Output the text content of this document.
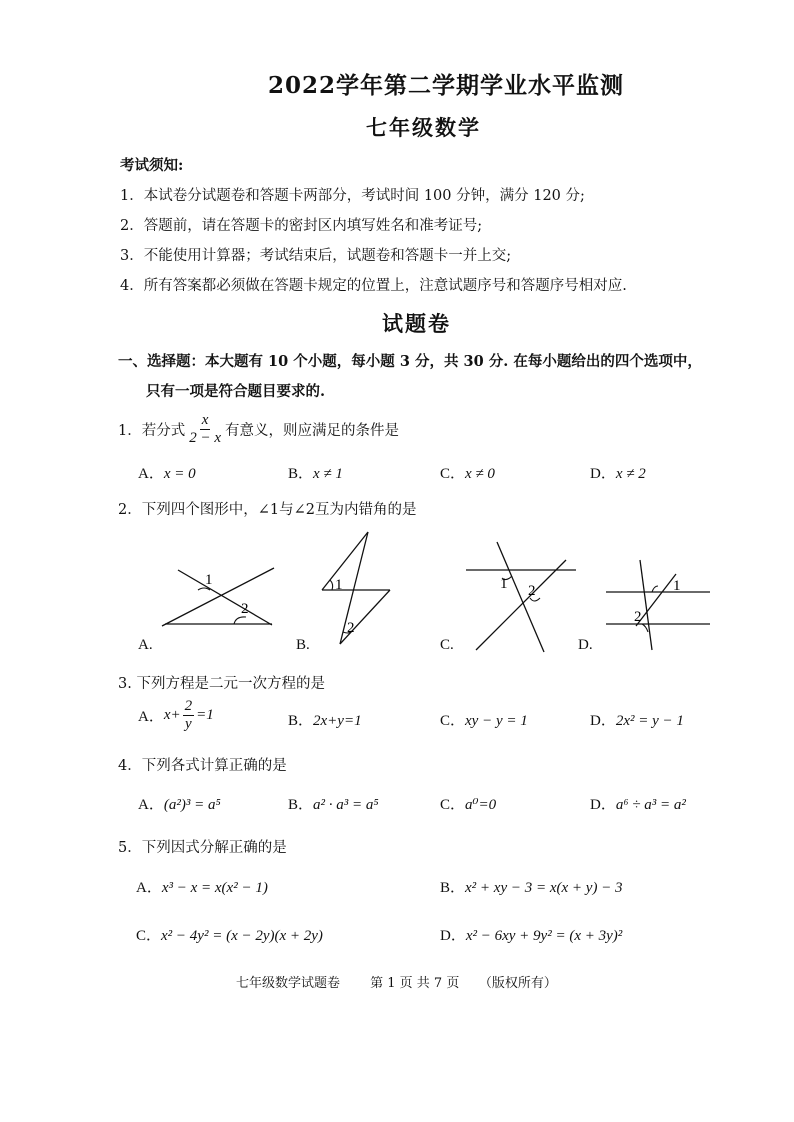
2022学年第二学期学业水平监测
七年级数学
考试须知:
1．本试卷分试题卷和答题卡两部分，考试时间 100 分钟，满分 120 分;
2．答题前，请在答题卡的密封区内填写姓名和准考证号;
3．不能使用计算器；考试结束后，试题卷和答题卡一并上交;
4．所有答案都必须做在答题卡规定的位置上，注意试题序号和答题序号相对应.
试题卷
一、选择题：本大题有 10 个小题，每小题 3 分，共 30 分. 在每小题给出的四个选项中，
只有一项是符合题目要求的.
1．若分式 $\frac{x}{2 - x}$ 有意义，则应满足的条件是
A．x = 0	B．x ≠ 1	C．x ≠ 0	D．x ≠ 2
2．下列四个图形中，∠1与∠2互为内错角的是
1
2
A.
1
2
B.
1 2
C.
1
2
D.
3. 下列方程是二元一次方程的是
A． $x+ \frac{2}{y} =1$	B．2x+y=1	C．xy − y = 1	D．2x² = y − 1
4．下列各式计算正确的是
A．(a²)³ = a⁵	B．a² · a³ = a⁵	C．a⁰=0	D．a⁶ ÷ a³ = a²
5．下列因式分解正确的是
A．x³ − x = x(x² − 1)	B．x² + xy − 3 = x(x + y) − 3
C．x² − 4y² = (x − 2y)(x + 2y)	D．x² − 6xy + 9y² = (x + 3y)²
七年级数学试题卷　　 第 1 页 共 7 页　　（版权所有）
